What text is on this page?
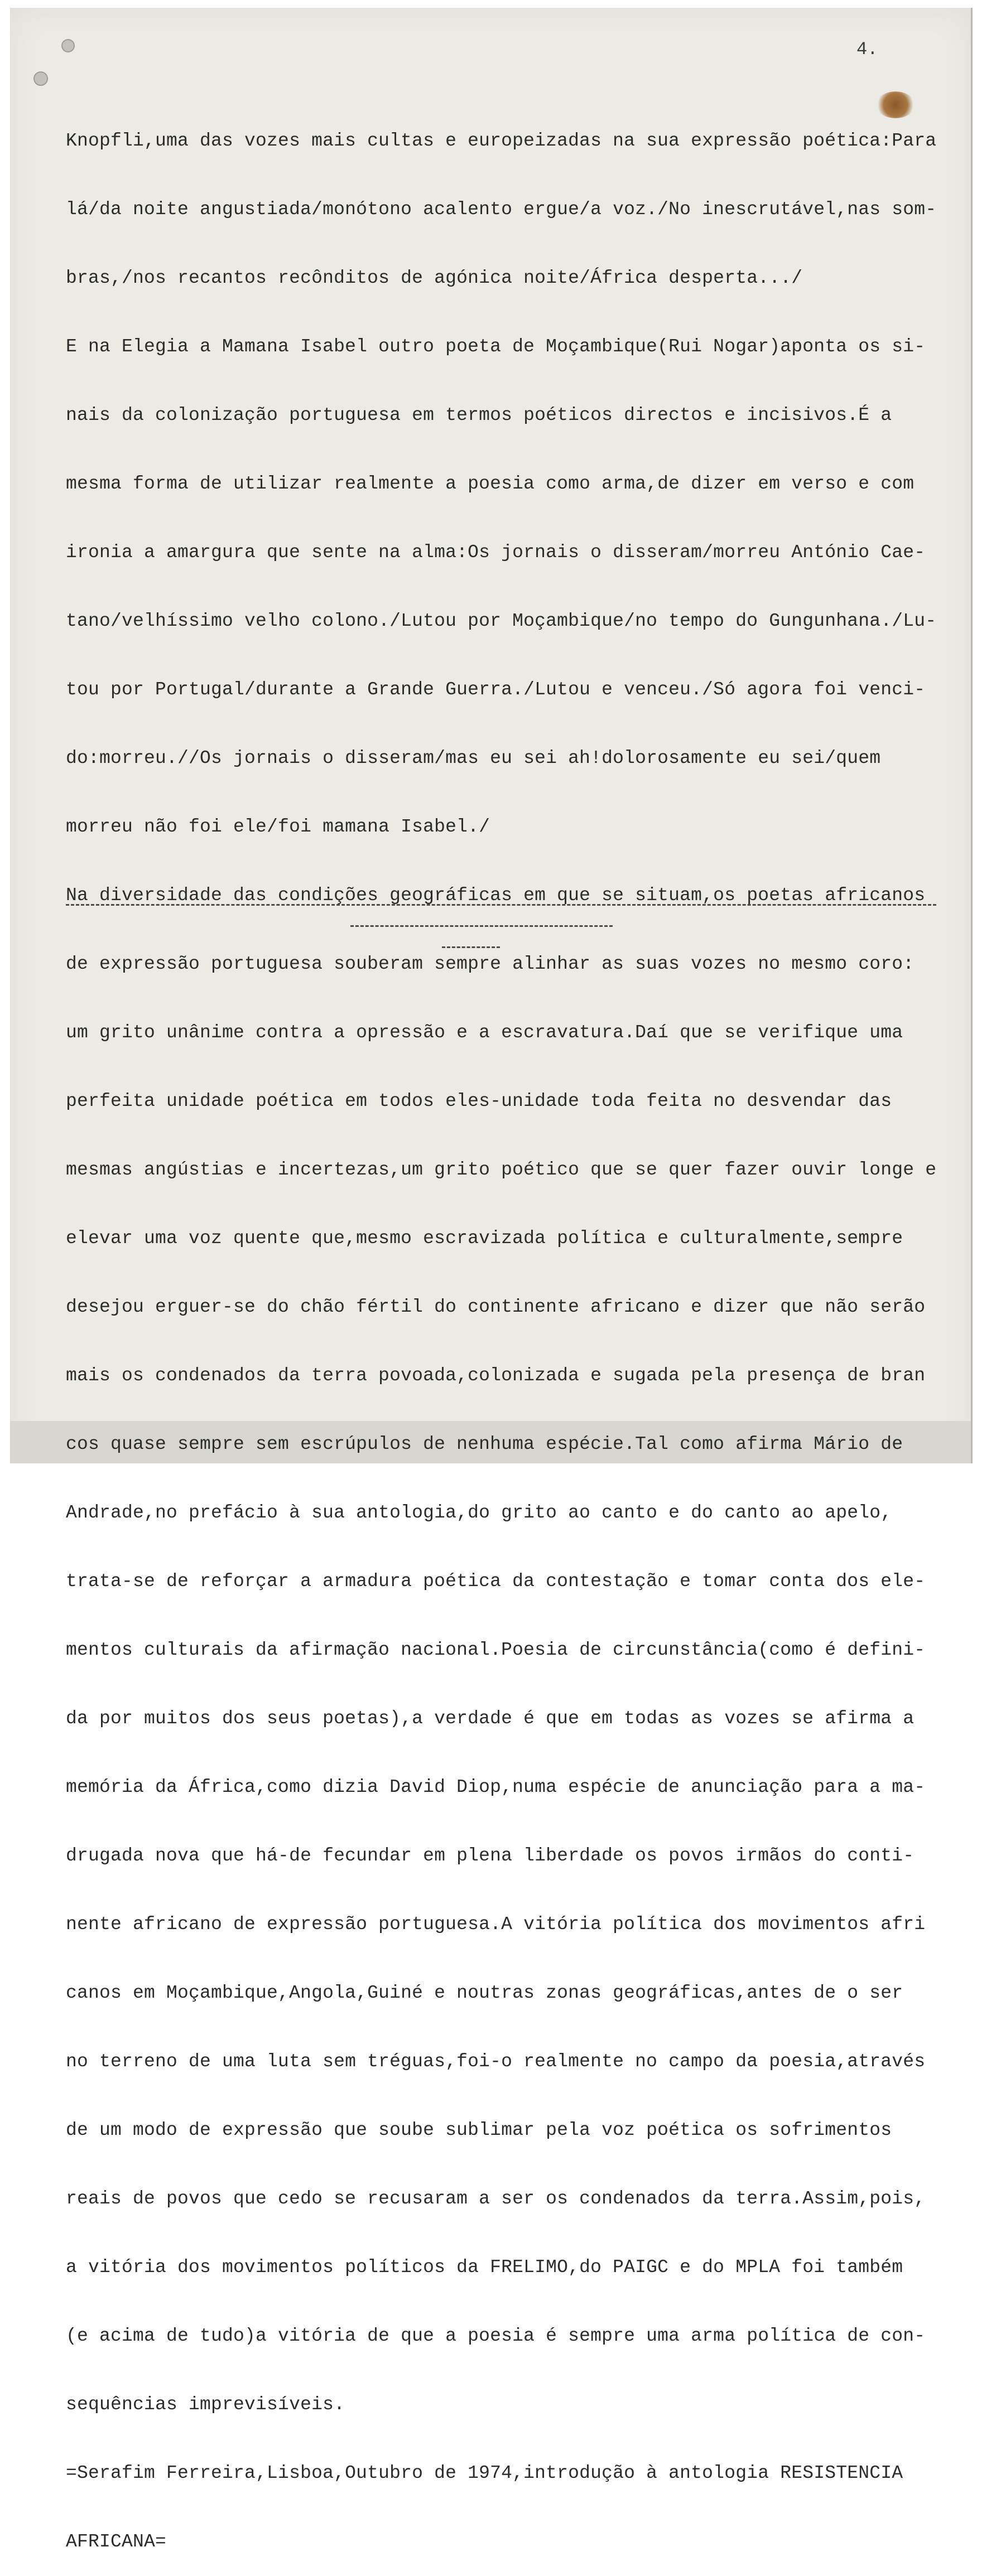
4.

Knopfli,uma das vozes mais cultas e europeizadas na sua expressão poética:Para

lá/da noite angustiada/monótono acalento ergue/a voz./No inescrutável,nas som-

bras,/nos recantos recônditos de agónica noite/África desperta.../

E na Elegia a Mamana Isabel outro poeta de Moçambique(Rui Nogar)aponta os si-

nais da colonização portuguesa em termos poéticos directos e incisivos.É a

mesma forma de utilizar realmente a poesia como arma,de dizer em verso e com

ironia a amargura que sente na alma:Os jornais o disseram/morreu António Cae-

tano/velhíssimo velho colono./Lutou por Moçambique/no tempo do Gungunhana./Lu-

tou por Portugal/durante a Grande Guerra./Lutou e venceu./Só agora foi venci-

do:morreu.//Os jornais o disseram/mas eu sei ah!dolorosamente eu sei/quem

morreu não foi ele/foi mamana Isabel./

Na diversidade das condições geográficas em que se situam,os poetas africanos

de expressão portuguesa souberam sempre alinhar as suas vozes no mesmo coro:

um grito unânime contra a opressão e a escravatura.Daí que se verifique uma

perfeita unidade poética em todos eles-unidade toda feita no desvendar das

mesmas angústias e incertezas,um grito poético que se quer fazer ouvir longe e

elevar uma voz quente que,mesmo escravizada política e culturalmente,sempre

desejou erguer-se do chão fértil do continente africano e dizer que não serão

mais os condenados da terra povoada,colonizada e sugada pela presença de bran

cos quase sempre sem escrúpulos de nenhuma espécie.Tal como afirma Mário de

Andrade,no prefácio à sua antologia,do grito ao canto e do canto ao apelo,

trata-se de reforçar a armadura poética da contestação e tomar conta dos ele-

mentos culturais da afirmação nacional.Poesia de circunstância(como é defini-

da por muitos dos seus poetas),a verdade é que em todas as vozes se afirma a

memória da África,como dizia David Diop,numa espécie de anunciação para a ma-

drugada nova que há-de fecundar em plena liberdade os povos irmãos do conti-

nente africano de expressão portuguesa.A vitória política dos movimentos afri

canos em Moçambique,Angola,Guiné e noutras zonas geográficas,antes de o ser

no terreno de uma luta sem tréguas,foi-o realmente no campo da poesia,através

de um modo de expressão que soube sublimar pela voz poética os sofrimentos

reais de povos que cedo se recusaram a ser os condenados da terra.Assim,pois,

a vitória dos movimentos políticos da FRELIMO,do PAIGC e do MPLA foi também

(e acima de tudo)a vitória de que a poesia é sempre uma arma política de con-

sequências imprevisíveis.

=Serafim Ferreira,Lisboa,Outubro de 1974,introdução à antologia RESISTENCIA

AFRICANA=
